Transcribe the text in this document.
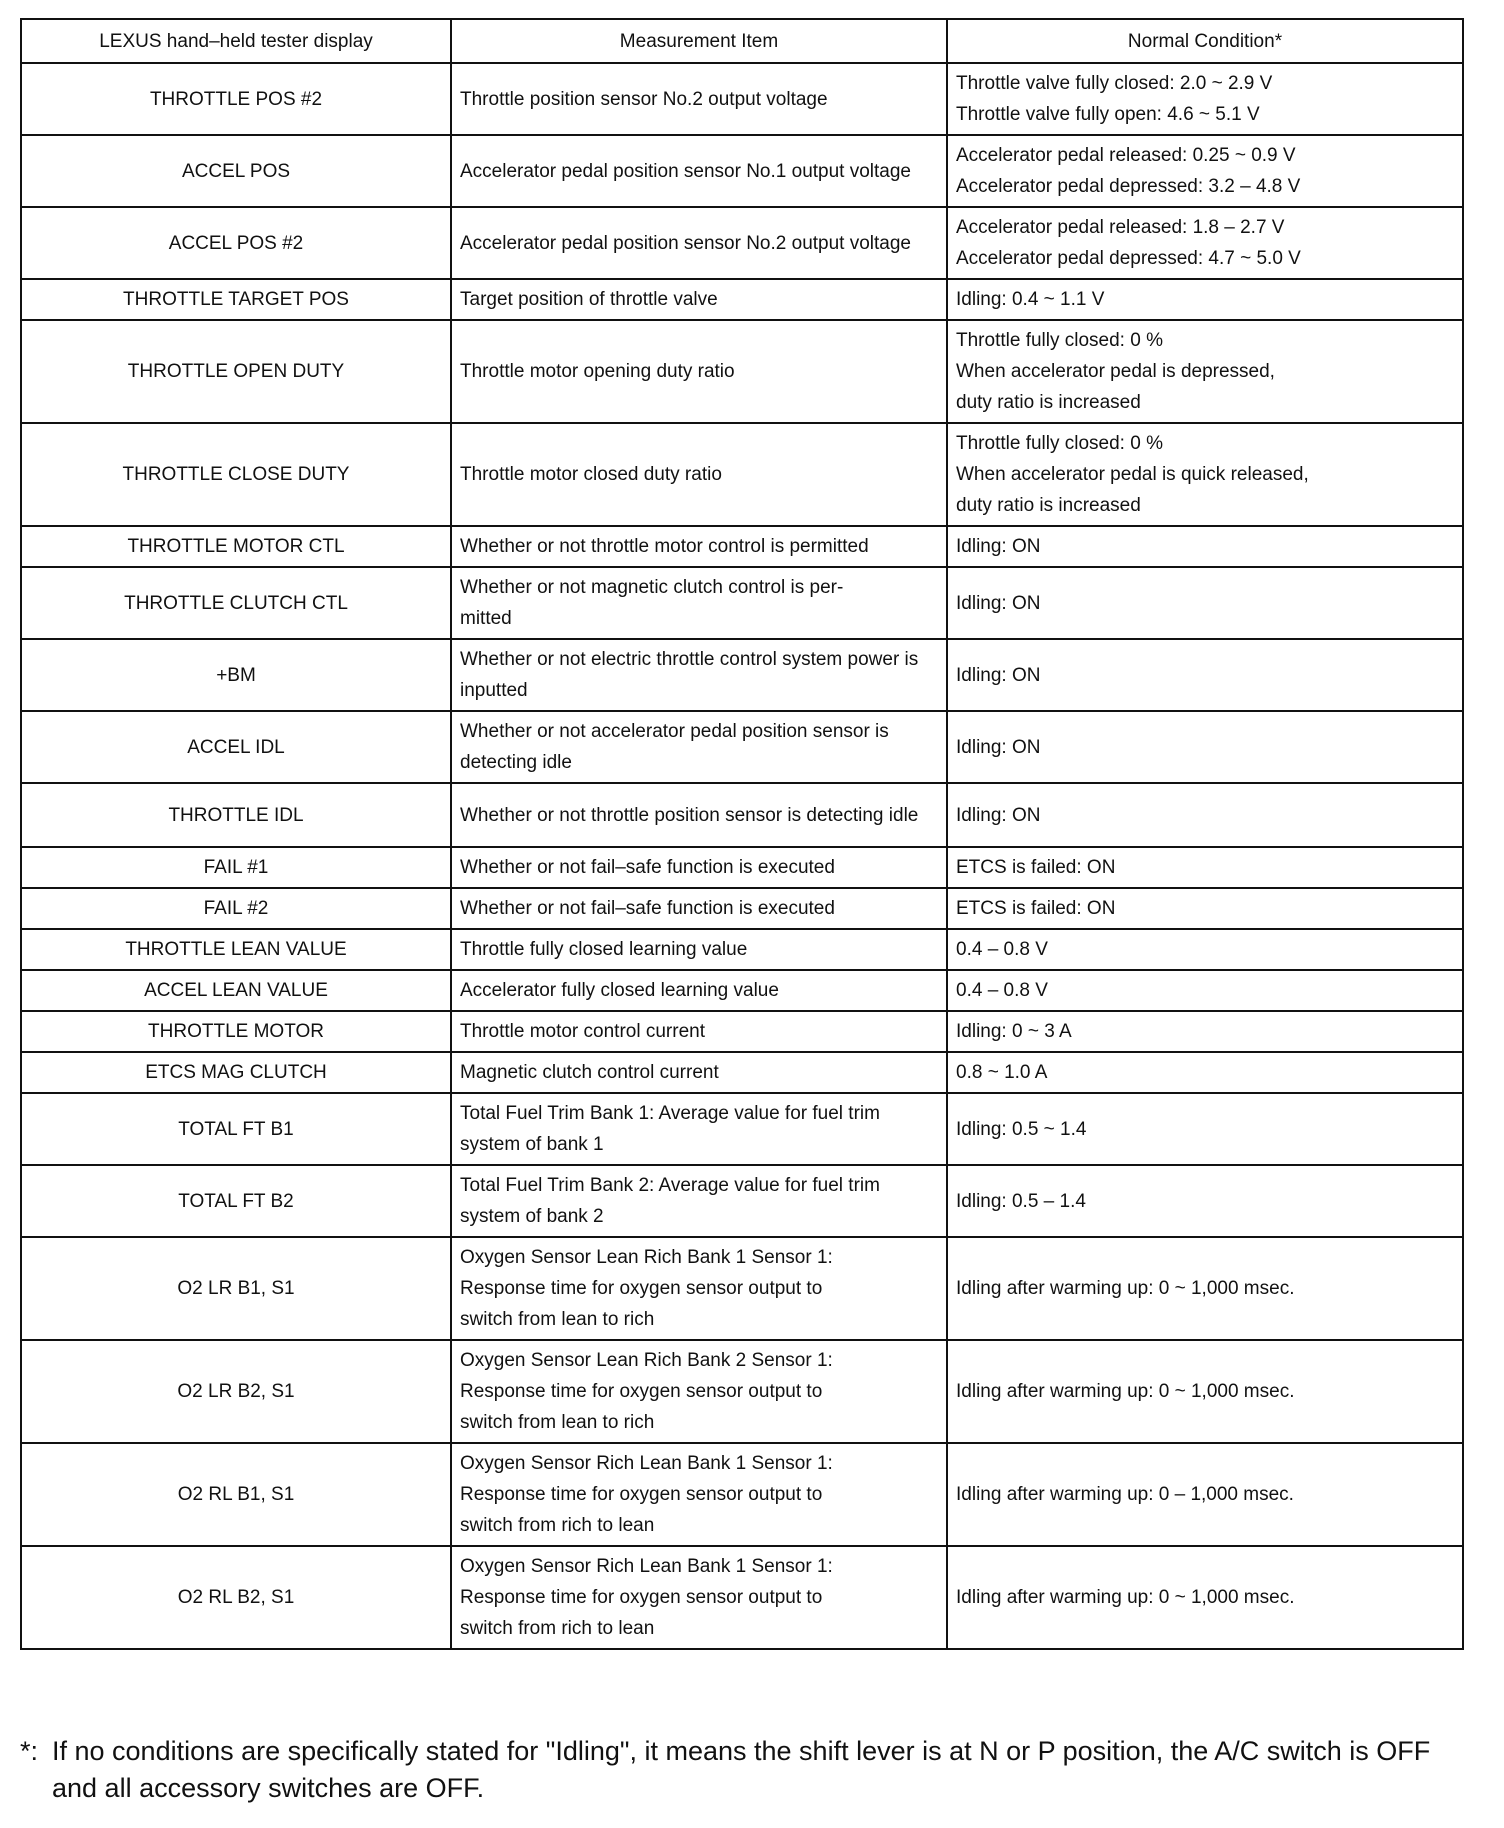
LEXUS hand–held tester display	Measurement Item	Normal Condition*
THROTTLE POS #2	Throttle position sensor No.2 output voltage	Throttle valve fully closed: 2.0 ~ 2.9 V
Throttle valve fully open: 4.6 ~ 5.1 V
ACCEL POS	Accelerator pedal position sensor No.1 output voltage	Accelerator pedal released: 0.25 ~ 0.9 V
Accelerator pedal depressed: 3.2 – 4.8 V
ACCEL POS #2	Accelerator pedal position sensor No.2 output voltage	Accelerator pedal released: 1.8 – 2.7 V
Accelerator pedal depressed: 4.7 ~ 5.0 V
THROTTLE TARGET POS	Target position of throttle valve	Idling: 0.4 ~ 1.1 V
THROTTLE OPEN DUTY	Throttle motor opening duty ratio	Throttle fully closed: 0 %
When accelerator pedal is depressed,
duty ratio is increased
THROTTLE CLOSE DUTY	Throttle motor closed duty ratio	Throttle fully closed: 0 %
When accelerator pedal is quick released,
duty ratio is increased
THROTTLE MOTOR CTL	Whether or not throttle motor control is permitted	Idling: ON
THROTTLE CLUTCH CTL	Whether or not magnetic clutch control is per-
mitted	Idling: ON
+BM	Whether or not electric throttle control system power is inputted	Idling: ON
ACCEL IDL	Whether or not accelerator pedal position sensor is detecting idle	Idling: ON
THROTTLE IDL	Whether or not throttle position sensor is detecting idle	Idling: ON
FAIL #1	Whether or not fail–safe function is executed	ETCS is failed: ON
FAIL #2	Whether or not fail–safe function is executed	ETCS is failed: ON
THROTTLE LEAN VALUE	Throttle fully closed learning value	0.4 – 0.8 V
ACCEL LEAN VALUE	Accelerator fully closed learning value	0.4 – 0.8 V
THROTTLE MOTOR	Throttle motor control current	Idling: 0 ~ 3 A
ETCS MAG CLUTCH	Magnetic clutch control current	0.8 ~ 1.0 A
TOTAL FT B1	Total Fuel Trim Bank 1: Average value for fuel trim system of bank 1	Idling: 0.5 ~ 1.4
TOTAL FT B2	Total Fuel Trim Bank 2: Average value for fuel trim system of bank 2	Idling: 0.5 – 1.4
O2 LR B1, S1	Oxygen Sensor Lean Rich Bank 1 Sensor 1:
Response time for oxygen sensor output to
switch from lean to rich	Idling after warming up: 0 ~ 1,000 msec.
O2 LR B2, S1	Oxygen Sensor Lean Rich Bank 2 Sensor 1:
Response time for oxygen sensor output to
switch from lean to rich	Idling after warming up: 0 ~ 1,000 msec.
O2 RL B1, S1	Oxygen Sensor Rich Lean Bank 1 Sensor 1:
Response time for oxygen sensor output to
switch from rich to lean	Idling after warming up: 0 – 1,000 msec.
O2 RL B2, S1	Oxygen Sensor Rich Lean Bank 1 Sensor 1:
Response time for oxygen sensor output to
switch from rich to lean	Idling after warming up: 0 ~ 1,000 msec.
*: If no conditions are specifically stated for "Idling", it means the shift lever is at N or P position, the A/C switch is OFF and all accessory switches are OFF.
